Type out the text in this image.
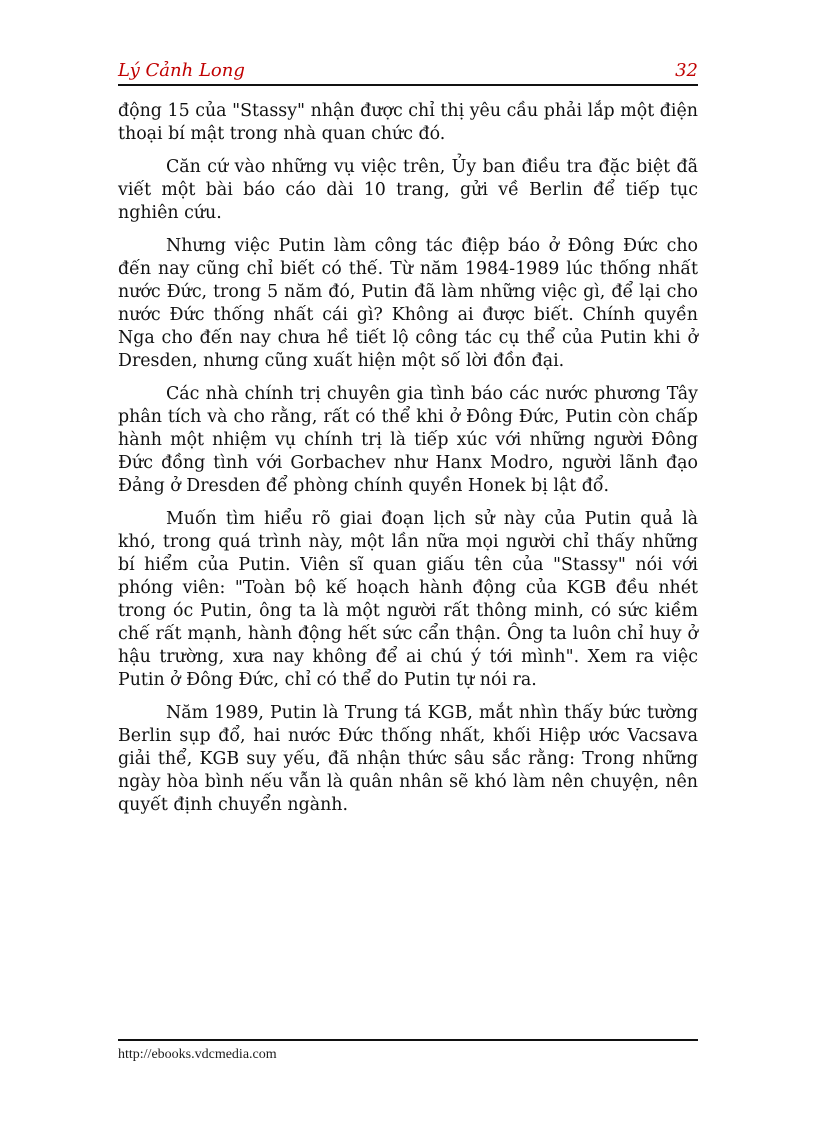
Lý Cảnh Long	32

động 15 của "Stassy" nhận được chỉ thị yêu cầu phải lắp một điện thoại bí mật trong nhà quan chức đó.

Căn cứ vào những vụ việc trên, Ủy ban điều tra đặc biệt đã viết một bài báo cáo dài 10 trang, gửi về Berlin để tiếp tục nghiên cứu.

Nhưng việc Putin làm công tác điệp báo ở Đông Đức cho đến nay cũng chỉ biết có thế. Từ năm 1984-1989 lúc thống nhất nước Đức, trong 5 năm đó, Putin đã làm những việc gì, để lại cho nước Đức thống nhất cái gì? Không ai được biết. Chính quyền Nga cho đến nay chưa hề tiết lộ công tác cụ thể của Putin khi ở Dresden, nhưng cũng xuất hiện một số lời đồn đại.

Các nhà chính trị chuyên gia tình báo các nước phương Tây phân tích và cho rằng, rất có thể khi ở Đông Đức, Putin còn chấp hành một nhiệm vụ chính trị là tiếp xúc với những người Đông Đức đồng tình với Gorbachev như Hanx Modro, người lãnh đạo Đảng ở Dresden để phòng chính quyền Honek bị lật đổ.

Muốn tìm hiểu rõ giai đoạn lịch sử này của Putin quả là khó, trong quá trình này, một lần nữa mọi người chỉ thấy những bí hiểm của Putin. Viên sĩ quan giấu tên của "Stassy" nói với phóng viên: "Toàn bộ kế hoạch hành động của KGB đều nhét trong óc Putin, ông ta là một người rất thông minh, có sức kiềm chế rất mạnh, hành động hết sức cẩn thận. Ông ta luôn chỉ huy ở hậu trường, xưa nay không để ai chú ý tới mình". Xem ra việc Putin ở Đông Đức, chỉ có thể do Putin tự nói ra.

Năm 1989, Putin là Trung tá KGB, mắt nhìn thấy bức tường Berlin sụp đổ, hai nước Đức thống nhất, khối Hiệp ước Vacsava giải thể, KGB suy yếu, đã nhận thức sâu sắc rằng: Trong những ngày hòa bình nếu vẫn là quân nhân sẽ khó làm nên chuyện, nên quyết định chuyển ngành.

http://ebooks.vdcmedia.com
